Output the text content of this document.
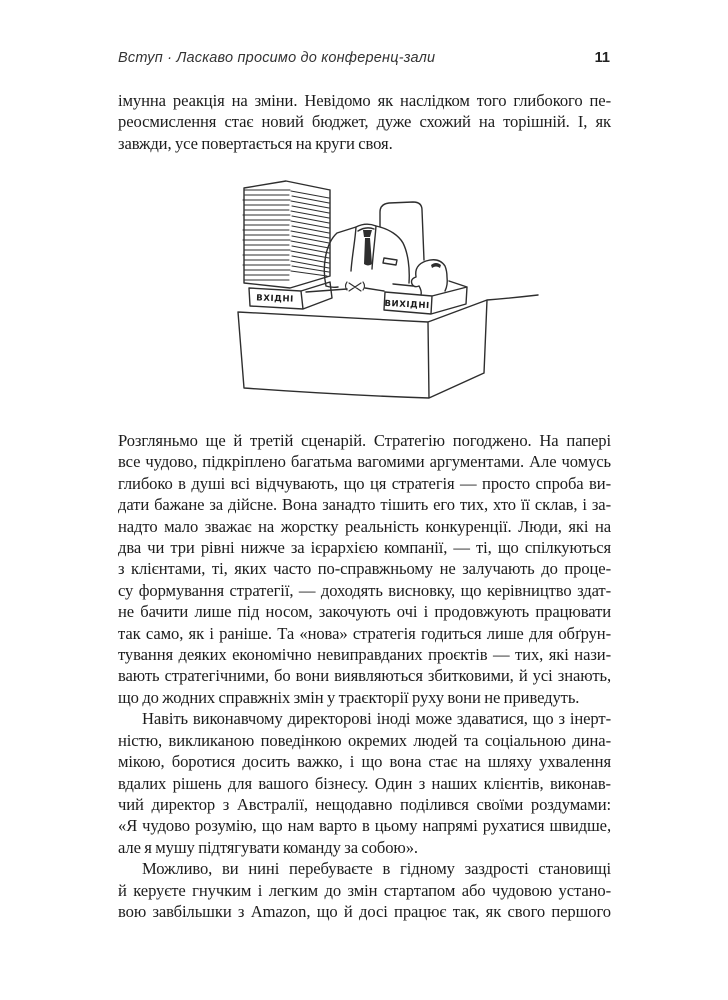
Вступ · Ласкаво просимо до конференц-зали	11
імунна реакція на зміни. Невідомо як наслідком того глибокого пе-
реосмислення стає новий бюджет, дуже схожий на торішній. І, як
завжди, усе повертається на круги своя.
ВИХІДНІ
ВХІДНІ
Розгляньмо ще й третій сценарій. Стратегію погоджено. На папері
все чудово, підкріплено багатьма вагомими аргументами. Але чомусь
глибоко в душі всі відчувають, що ця стратегія — просто спроба ви-
дати бажане за дійсне. Вона занадто тішить его тих, хто її склав, і за-
надто мало зважає на жорстку реальність конкуренції. Люди, які на
два чи три рівні нижче за ієрархією компанії, — ті, що спілкуються
з клієнтами, ті, яких часто по-справжньому не залучають до проце-
су формування стратегії, — доходять висновку, що керівництво здат-
не бачити лише під носом, закочують очі і продовжують працювати
так само, як і раніше. Та «нова» стратегія годиться лише для обґрун-
тування деяких економічно невиправданих проєктів — тих, які нази-
вають стратегічними, бо вони виявляються збитковими, й усі знають,
що до жодних справжніх змін у траєкторії руху вони не приведуть.
Навіть виконавчому директорові іноді може здаватися, що з інерт-
ністю, викликаною поведінкою окремих людей та соціальною дина-
мікою, боротися досить важко, і що вона стає на шляху ухвалення
вдалих рішень для вашого бізнесу. Один з наших клієнтів, виконав-
чий директор з Австралії, нещодавно поділився своїми роздумами:
«Я чудово розумію, що нам варто в цьому напрямі рухатися швидше,
але я мушу підтягувати команду за собою».
Можливо, ви нині перебуваєте в гідному заздрості становищі
й керуєте гнучким і легким до змін стартапом або чудовою устано-
вою завбільшки з Amazon, що й досі працює так, як свого першого
